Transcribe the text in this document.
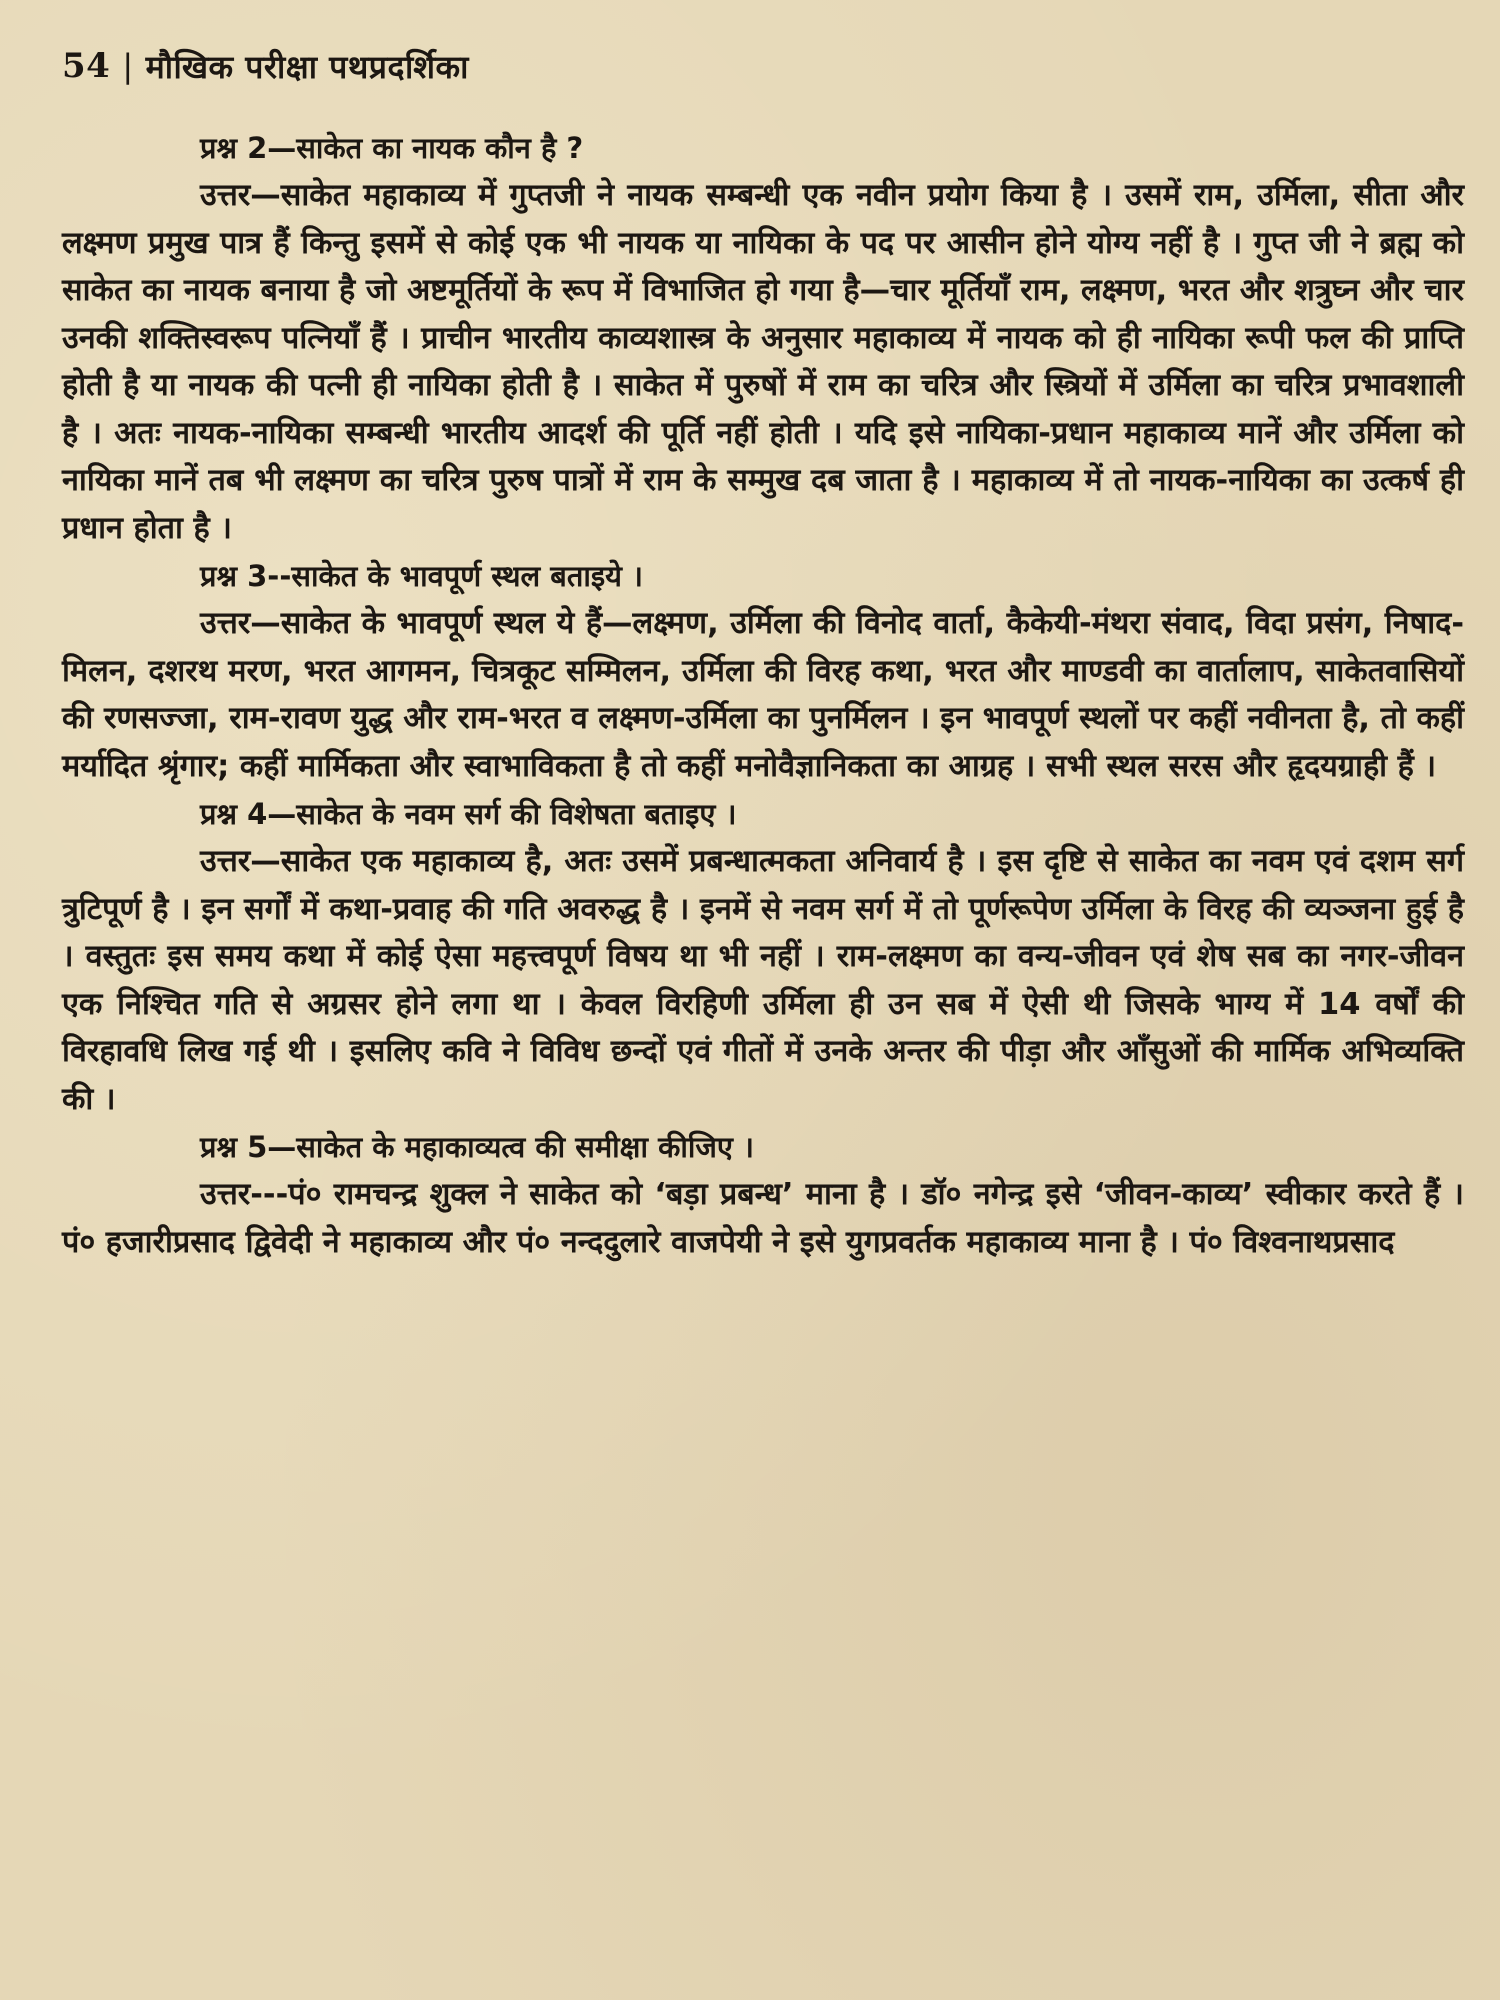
54 | मौखिक परीक्षा पथप्रदर्शिका

प्रश्न 2—साकेत का नायक कौन है ?

उत्तर—साकेत महाकाव्य में गुप्तजी ने नायक सम्बन्धी एक नवीन प्रयोग किया है । उसमें राम, उर्मिला, सीता और लक्ष्मण प्रमुख पात्र हैं किन्तु इसमें से कोई एक भी नायक या नायिका के पद पर आसीन होने योग्य नहीं है । गुप्त जी ने ब्रह्म को साकेत का नायक बनाया है जो अष्टमूर्तियों के रूप में विभाजित हो गया है—चार मूर्तियाँ राम, लक्ष्मण, भरत और शत्रुघ्न और चार उनकी शक्तिस्वरूप पत्नियाँ हैं । प्राचीन भारतीय काव्यशास्त्र के अनुसार महाकाव्य में नायक को ही नायिका रूपी फल की प्राप्ति होती है या नायक की पत्नी ही नायिका होती है । साकेत में पुरुषों में राम का चरित्र और स्त्रियों में उर्मिला का चरित्र प्रभावशाली है । अतः नायक-नायिका सम्बन्धी भारतीय आदर्श की पूर्ति नहीं होती । यदि इसे नायिका-प्रधान महाकाव्य मानें और उर्मिला को नायिका मानें तब भी लक्ष्मण का चरित्र पुरुष पात्रों में राम के सम्मुख दब जाता है । महाकाव्य में तो नायक-नायिका का उत्कर्ष ही प्रधान होता है ।

प्रश्न 3--साकेत के भावपूर्ण स्थल बताइये ।

उत्तर—साकेत के भावपूर्ण स्थल ये हैं—लक्ष्मण, उर्मिला की विनोद वार्ता, कैकेयी-मंथरा संवाद, विदा प्रसंग, निषाद-मिलन, दशरथ मरण, भरत आगमन, चित्रकूट सम्मिलन, उर्मिला की विरह कथा, भरत और माण्डवी का वार्तालाप, साकेतवासियों की रणसज्जा, राम-रावण युद्ध और राम-भरत व लक्ष्मण-उर्मिला का पुनर्मिलन । इन भावपूर्ण स्थलों पर कहीं नवीनता है, तो कहीं मर्यादित श्रृंगार; कहीं मार्मिकता और स्वाभाविकता है तो कहीं मनोवैज्ञानिकता का आग्रह । सभी स्थल सरस और हृदयग्राही हैं ।

प्रश्न 4—साकेत के नवम सर्ग की विशेषता बताइए ।

उत्तर—साकेत एक महाकाव्य है, अतः उसमें प्रबन्धात्मकता अनिवार्य है । इस दृष्टि से साकेत का नवम एवं दशम सर्ग त्रुटिपूर्ण है । इन सर्गों में कथा-प्रवाह की गति अवरुद्ध है । इनमें से नवम सर्ग में तो पूर्णरूपेण उर्मिला के विरह की व्यञ्जना हुई है । वस्तुतः इस समय कथा में कोई ऐसा महत्त्वपूर्ण विषय था भी नहीं । राम-लक्ष्मण का वन्य-जीवन एवं शेष सब का नगर-जीवन एक निश्चित गति से अग्रसर होने लगा था । केवल विरहिणी उर्मिला ही उन सब में ऐसी थी जिसके भाग्य में 14 वर्षों की विरहावधि लिख गई थी । इसलिए कवि ने विविध छन्दों एवं गीतों में उनके अन्तर की पीड़ा और आँसुओं की मार्मिक अभिव्यक्ति की ।

प्रश्न 5—साकेत के महाकाव्यत्व की समीक्षा कीजिए ।

उत्तर---पं० रामचन्द्र शुक्ल ने साकेत को ‘बड़ा प्रबन्ध’ माना है । डॉ० नगेन्द्र इसे ‘जीवन-काव्य’ स्वीकार करते हैं । पं० हजारीप्रसाद द्विवेदी ने महाकाव्य और पं० नन्ददुलारे वाजपेयी ने इसे युगप्रवर्तक महाकाव्य माना है । पं० विश्वनाथप्रसाद
